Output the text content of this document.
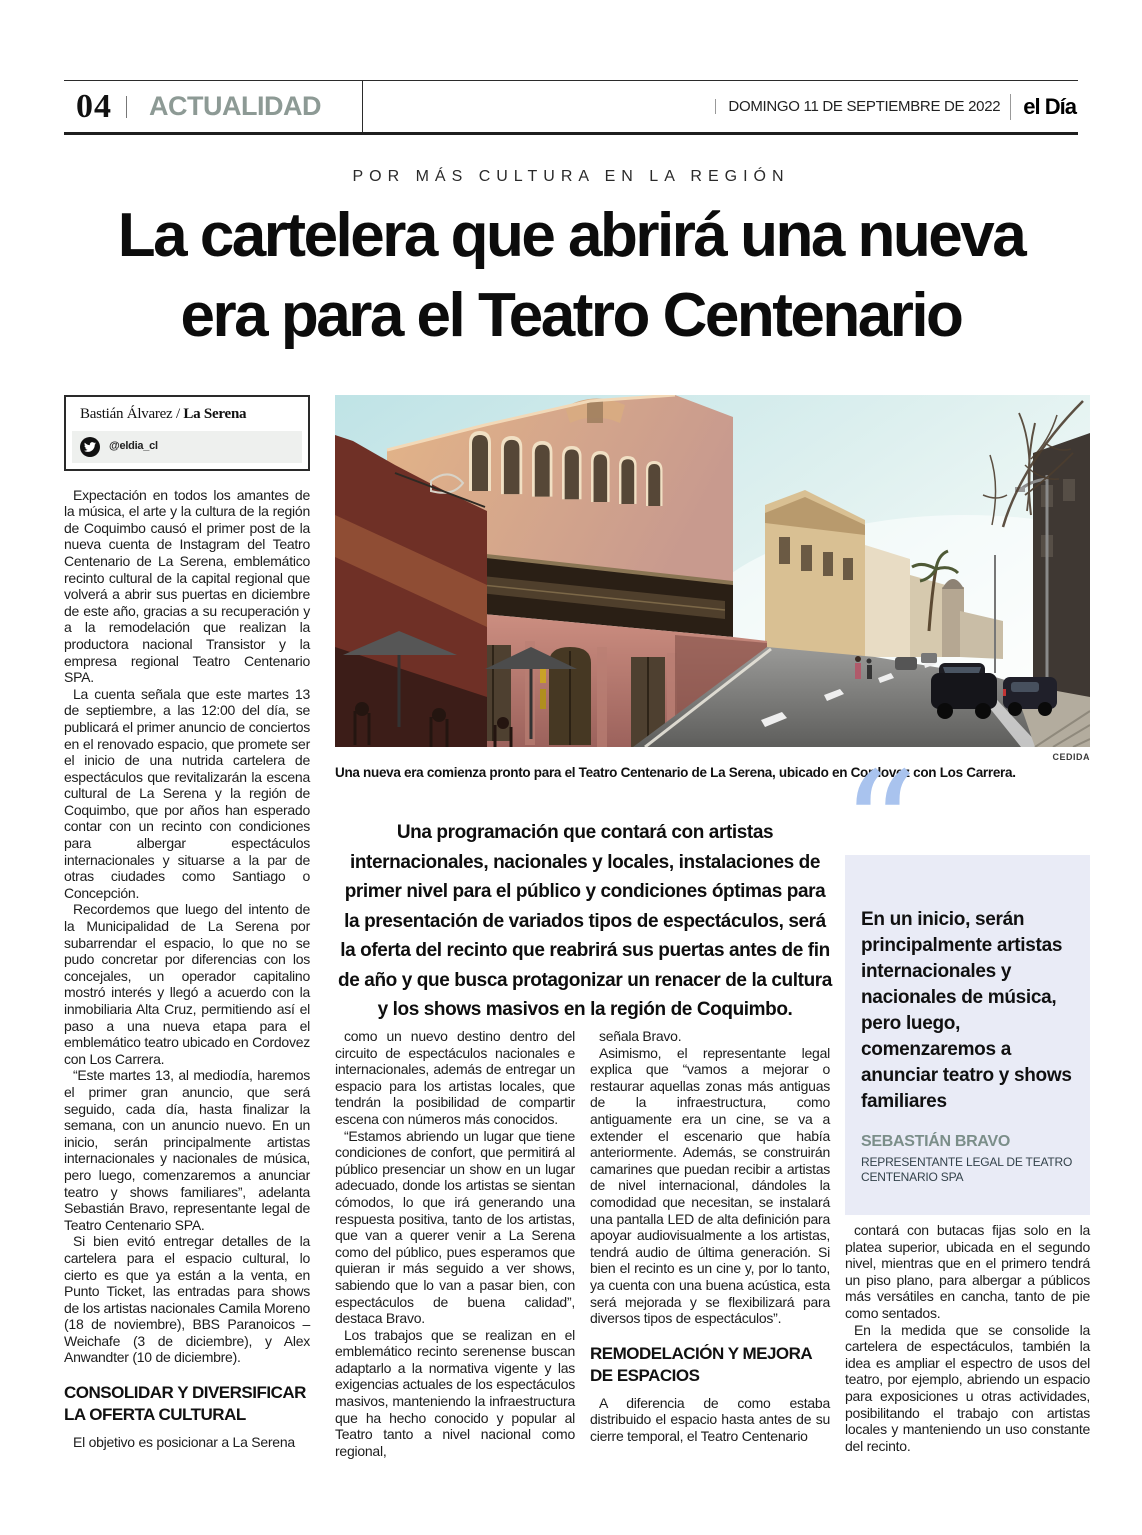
04	ACTUALIDAD	DOMINGO 11 DE SEPTIEMBRE DE 2022	el Día
POR MÁS CULTURA EN LA REGIÓN
La cartelera que abrirá una nueva
era para el Teatro Centenario
Bastián Álvarez / La Serena
@eldia_cl

Expectación en todos los amantes de la música, el arte y la cultura de la región de Coquimbo causó el primer post de la nueva cuenta de Instagram del Teatro Centenario de La Serena, emblemático recinto cultural de la capital regional que volverá a abrir sus puertas en diciembre de este año, gracias a su recuperación y a la remodelación que realizan la productora nacional Transistor y la empresa regional Teatro Centenario SPA.

La cuenta señala que este martes 13 de septiembre, a las 12:00 del día, se publicará el primer anuncio de conciertos en el renovado espacio, que promete ser el inicio de una nutrida cartelera de espectáculos que revitalizarán la escena cultural de La Serena y la región de Coquimbo, que por años han esperado contar con un recinto con condiciones para albergar espectáculos internacionales y situarse a la par de otras ciudades como Santiago o Concepción.

Recordemos que luego del intento de la Municipalidad de La Serena por subarrendar el espacio, lo que no se pudo concretar por diferencias con los concejales, un operador capitalino mostró interés y llegó a acuerdo con la inmobiliaria Alta Cruz, permitiendo así el paso a una nueva etapa para el emblemático teatro ubicado en Cordovez con Los Carrera.

“Este martes 13, al mediodía, haremos el primer gran anuncio, que será seguido, cada día, hasta finalizar la semana, con un anuncio nuevo. En un inicio, serán principalmente artistas internacionales y nacionales de música, pero luego, comenzaremos a anunciar teatro y shows familiares”, adelanta Sebastián Bravo, representante legal de Teatro Centenario SPA.

Si bien evitó entregar detalles de la cartelera para el espacio cultural, lo cierto es que ya están a la venta, en Punto Ticket, las entradas para shows de los artistas nacionales Camila Moreno (18 de noviembre), BBS Paranoicos – Weichafe (3 de diciembre), y Alex Anwandter (10 de diciembre).

CONSOLIDAR Y DIVERSIFICAR LA OFERTA CULTURAL

El objetivo es posicionar a La Serena

CEDIDA
Una nueva era comienza pronto para el Teatro Centenario de La Serena, ubicado en Cordovez con Los Carrera.
Una programación que contará con artistas internacionales, nacionales y locales, instalaciones de primer nivel para el público y condiciones óptimas para la presentación de variados tipos de espectáculos, será la oferta del recinto que reabrirá sus puertas antes de fin de año y que busca protagonizar un renacer de la cultura y los shows masivos en la región de Coquimbo.
“
En un inicio, serán principalmente artistas internacionales y nacionales de música, pero luego, comenzaremos a anunciar teatro y shows familiares
SEBASTIÁN BRAVO
REPRESENTANTE LEGAL DE TEATRO CENTENARIO SPA

como un nuevo destino dentro del circuito de espectáculos nacionales e internacionales, además de entregar un espacio para los artistas locales, que tendrán la posibilidad de compartir escena con números más conocidos.

“Estamos abriendo un lugar que tiene condiciones de confort, que permitirá al público presenciar un show en un lugar adecuado, donde los artistas se sientan cómodos, lo que irá generando una respuesta positiva, tanto de los artistas, que van a querer venir a La Serena como del público, pues esperamos que quieran ir más seguido a ver shows, sabiendo que lo van a pasar bien, con espectáculos de buena calidad”, destaca Bravo.

Los trabajos que se realizan en el emblemático recinto serenense buscan adaptarlo a la normativa vigente y las exigencias actuales de los espectáculos masivos, manteniendo la infraestructura que ha hecho conocido y popular al Teatro tanto a nivel nacional como regional,

señala Bravo.

Asimismo, el representante legal explica que “vamos a mejorar o restaurar aquellas zonas más antiguas de la infraestructura, como antiguamente era un cine, se va a extender el escenario que había anteriormente. Además, se construirán camarines que puedan recibir a artistas de nivel internacional, dándoles la comodidad que necesitan, se instalará una pantalla LED de alta definición para apoyar audiovisualmente a los artistas, tendrá audio de última generación. Si bien el recinto es un cine y, por lo tanto, ya cuenta con una buena acústica, esta será mejorada y se flexibilizará para diversos tipos de espectáculos”.

REMODELACIÓN Y MEJORA DE ESPACIOS

A diferencia de como estaba distribuido el espacio hasta antes de su cierre temporal, el Teatro Centenario

contará con butacas fijas solo en la platea superior, ubicada en el segundo nivel, mientras que en el primero tendrá un piso plano, para albergar a públicos más versátiles en cancha, tanto de pie como sentados.

En la medida que se consolide la cartelera de espectáculos, también la idea es ampliar el espectro de usos del teatro, por ejemplo, abriendo un espacio para exposiciones u otras actividades, posibilitando el trabajo con artistas locales y manteniendo un uso constante del recinto.
